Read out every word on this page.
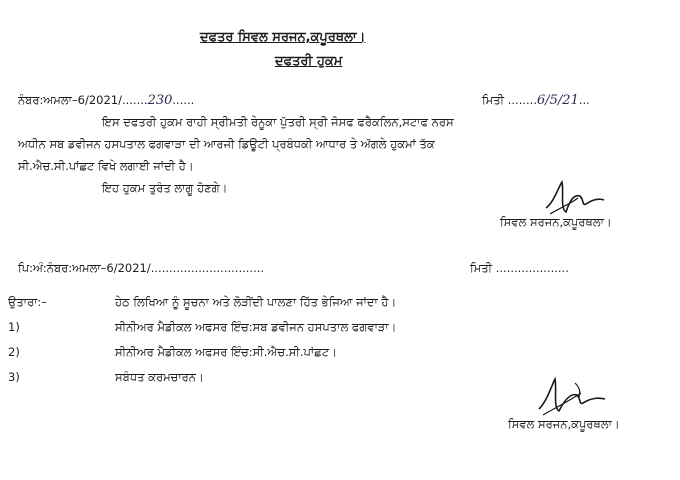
ਦਫਤਰ ਸਿਵਲ ਸਰਜਨ,ਕਪੂਰਥਲਾ।
ਦਫਤਰੀ ਹੁਕਮ
ਨੰਬਰ:ਅਮਲਾ–6/2021/.......230......	ਮਿਤੀ ........6/5/21...
ਇਸ ਦਫਤਰੀ ਹੁਕਮ ਰਾਹੀ ਸ੍ਰੀਮਤੀ ਰੇਨੂਕਾ ਪੁੱਤਰੀ ਸ੍ਰੀ ਜੋਸਫ ਫਰੈਕਲਿਨ,ਸਟਾਫ ਨਰਸ
ਅਧੀਨ ਸਬ ਡਵੀਜਨ ਹਸਪਤਾਲ ਫਗਵਾੜਾ ਦੀ ਆਰਜੀ ਡਿਊਟੀ ਪ੍ਰਬੰਧਕੀ ਆਧਾਰ ਤੇ ਅੱਗਲੇ ਹੁਕਮਾਂ ਤੱਕ
ਸੀ.ਐਚ.ਸੀ.ਪਾਂਛਟ ਵਿਖੇ ਲਗਾਈ ਜਾਂਦੀ ਹੈ।
ਇਹ ਹੁਕਮ ਤੁਰੰਤ ਲਾਗੂ ਹੋਣਗੇ।
ਸਿਵਲ ਸਰਜਨ,ਕਪੂਰਥਲਾ।
ਪਿ:ਅੰ:ਨੰਬਰ:ਅਮਲਾ–6/2021/...............................	ਮਿਤੀ ....................
ਉਤਾਰਾ:–	ਹੇਠ ਲਿਖਿਆ ਨੂੰ ਸੂਚਨਾ ਅਤੇ ਲੋੜੀਂਦੀ ਪਾਲਣਾ ਹਿੱਤ ਭੇਜਿਆ ਜਾਂਦਾ ਹੈ।
1)	ਸੀਨੀਅਰ ਮੈਡੀਕਲ ਅਫਸਰ ਇੰਚ:ਸਬ ਡਵੀਜਨ ਹਸਪਤਾਲ ਫਗਵਾੜਾ।
2)	ਸੀਨੀਅਰ ਮੈਡੀਕਲ ਅਫਸਰ ਇੰਚ:ਸੀ.ਐਚ.ਸੀ.ਪਾਂਛਟ।
3)	ਸਬੰਧਤ ਕਰਮਚਾਰਨ।
ਸਿਵਲ ਸਰਜਨ,ਕਪੂਰਥਲਾ।
